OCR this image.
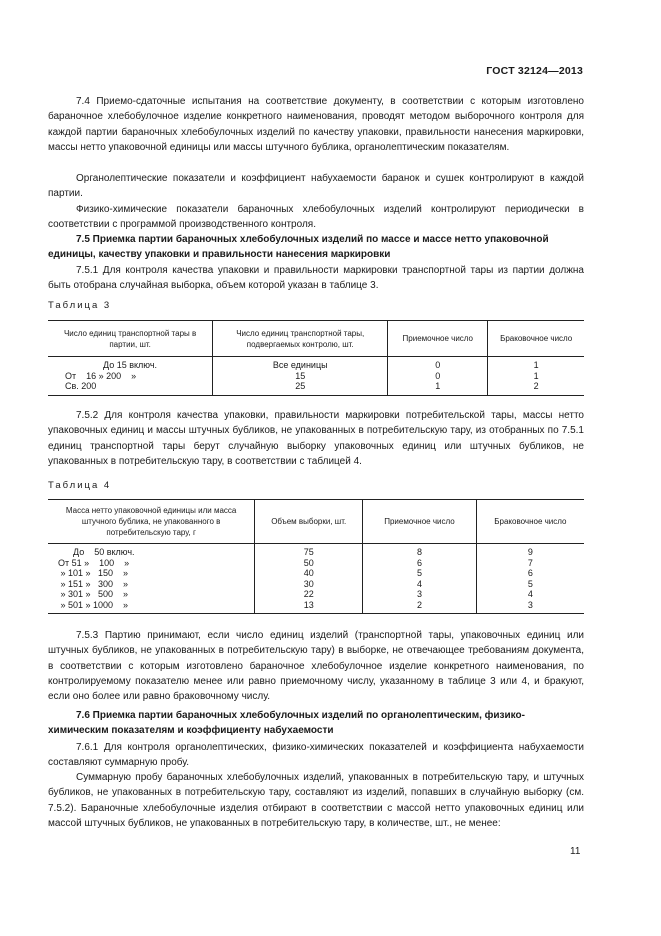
ГОСТ 32124—2013

7.4 Приемо-сдаточные испытания на соответствие документу, в соответствии с которым изготовлено бараночное хлебобулочное изделие конкретного наименования, проводят методом выборочного контроля для каждой партии бараночных хлебобулочных изделий по качеству упаковки, правильности нанесения маркировки, массы нетто упаковочной единицы или массы штучного бублика, органолептическим показателям.

Органолептические показатели и коэффициент набухаемости баранок и сушек контролируют в каждой партии.

Физико-химические показатели бараночных хлебобулочных изделий контролируют периодически в соответствии с программой производственного контроля.

7.5 Приемка партии бараночных хлебобулочных изделий по массе и массе нетто упаковочной единицы, качеству упаковки и правильности нанесения маркировки

7.5.1 Для контроля качества упаковки и правильности маркировки транспортной тары из партии должна быть отобрана случайная выборка, объем которой указан в таблице 3.

Таблица 3
Число единиц транспортной тары в партии, шт.	Число единиц транспортной тары, подвергаемых контролю, шт.	Приемочное число	Браковочное число
До 15 включ.	Все единицы	0	1
От    16 » 200    »	15	0	1
Св. 200	25	1	2

7.5.2 Для контроля качества упаковки, правильности маркировки потребительской тары, массы нетто упаковочных единиц и массы штучных бубликов, не упакованных в потребительскую тару, из отобранных по 7.5.1 единиц транспортной тары берут случайную выборку упаковочных единиц или штучных бубликов, не упакованных в потребительскую тару, в соответствии с таблицей 4.

Таблица 4
Масса нетто упаковочной единицы или масса штучного бублика, не упакованного в потребительскую тару, г	Объем выборки, шт.	Приемочное число	Браковочное число
До    50 включ.	75	8	9
От 51 »    100    »	50	6	7
» 101 »   150    »	40	5	6
» 151 »   300    »	30	4	5
» 301 »   500    »	22	3	4
» 501 » 1000    »	13	2	3

7.5.3 Партию принимают, если число единиц изделий (транспортной тары, упаковочных единиц или штучных бубликов, не упакованных в потребительскую тару) в выборке, не отвечающее требованиям документа, в соответствии с которым изготовлено бараночное хлебобулочное изделие конкретного наименования, по контролируемому показателю менее или равно приемочному числу, указанному в таблице 3 или 4, и бракуют, если оно более или равно браковочному числу.

7.6 Приемка партии бараночных хлебобулочных изделий по органолептическим, физико-химическим показателям и коэффициенту набухаемости

7.6.1 Для контроля органолептических, физико-химических показателей и коэффициента набухаемости составляют суммарную пробу.

Суммарную пробу бараночных хлебобулочных изделий, упакованных в потребительскую тару, и штучных бубликов, не упакованных в потребительскую тару, составляют из изделий, попавших в случайную выборку (см. 7.5.2). Бараночные хлебобулочные изделия отбирают в соответствии с массой нетто упаковочных единиц или массой штучных бубликов, не упакованных в потребительскую тару, в количестве, шт., не менее:

11
